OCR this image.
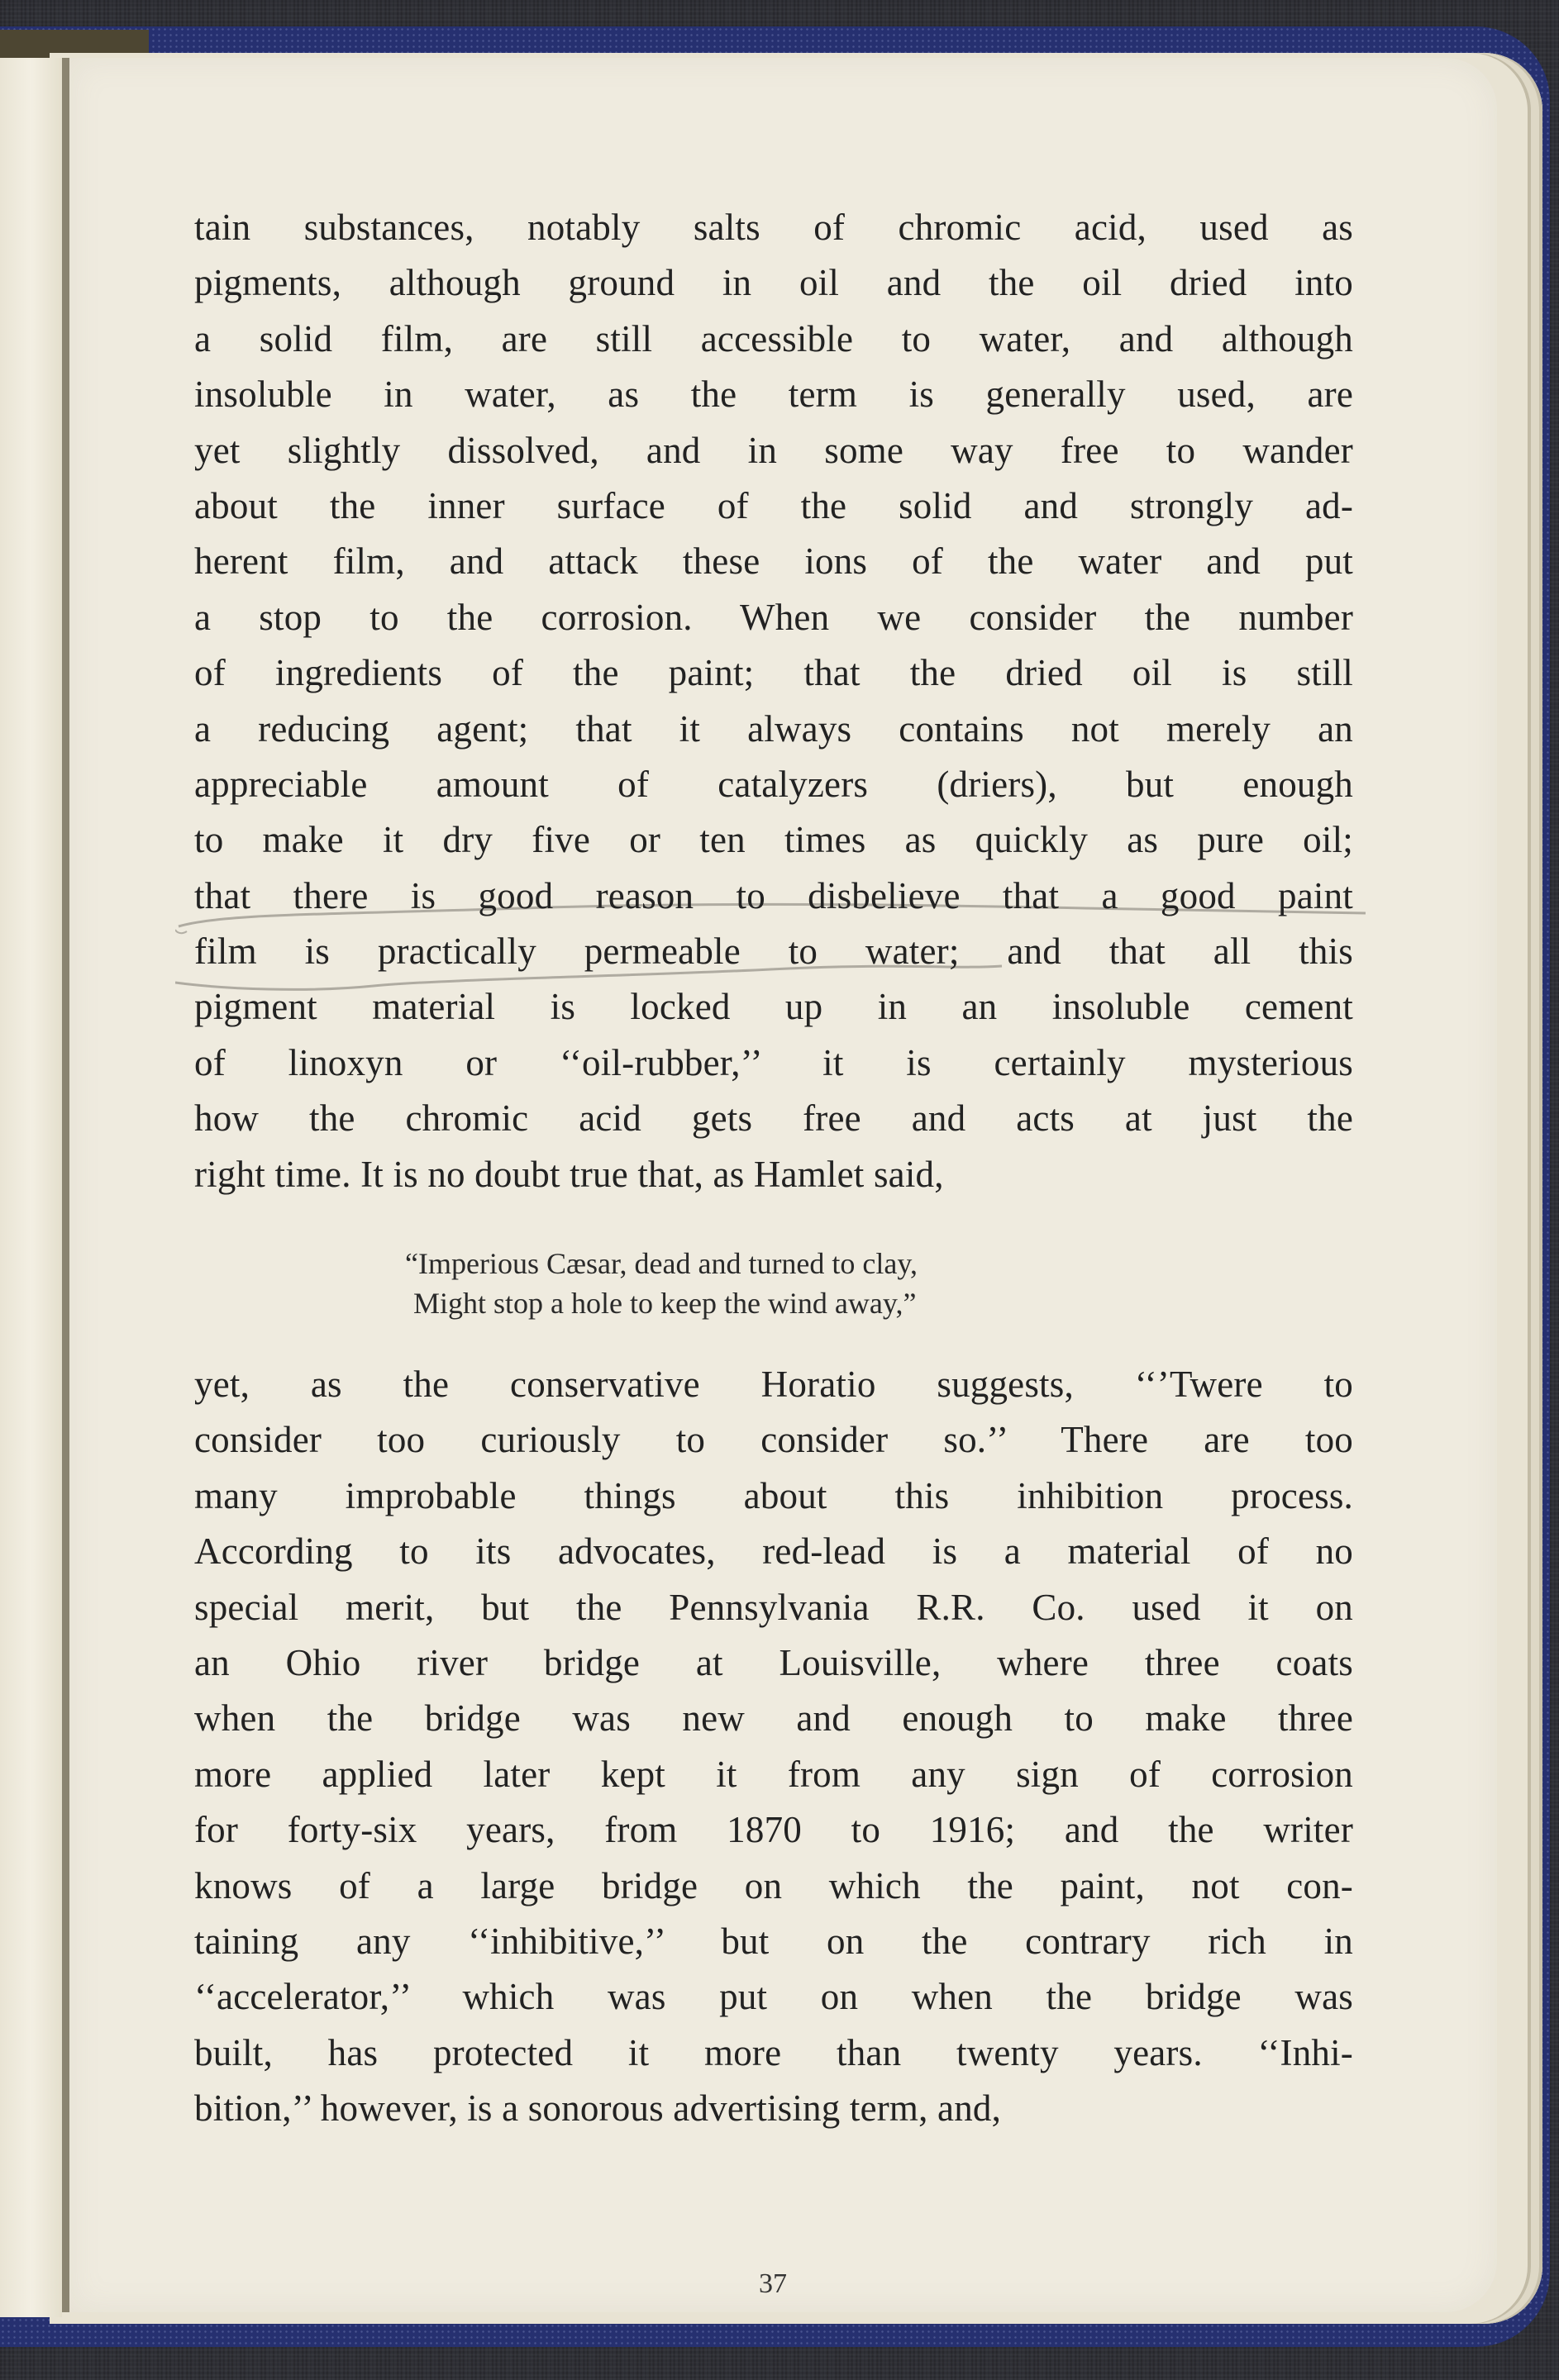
tain substances, notably salts of chromic acid, used as
pigments, although ground in oil and the oil dried into
a solid film, are still accessible to water, and although
insoluble in water, as the term is generally used, are
yet slightly dissolved, and in some way free to wander
about the inner surface of the solid and strongly ad-
herent film, and attack these ions of the water and put
a stop to the corrosion. When we consider the number
of ingredients of the paint; that the dried oil is still
a reducing agent; that it always contains not merely an
appreciable amount of catalyzers (driers), but enough
to make it dry five or ten times as quickly as pure oil;
that there is good reason to disbelieve that a good paint
film is practically permeable to water; and that all this
pigment material is locked up in an insoluble cement
of linoxyn or ‘‘oil-rubber,’’ it is certainly mysterious
how the chromic acid gets free and acts at just the
right time. It is no doubt true that, as Hamlet said,
“Imperious Cæsar, dead and turned to clay,
Might stop a hole to keep the wind away,”
yet, as the conservative Horatio suggests, ‘‘’Twere to
consider too curiously to consider so.’’ There are too
many improbable things about this inhibition process.
According to its advocates, red-lead is a material of no
special merit, but the Pennsylvania R.R. Co. used it on
an Ohio river bridge at Louisville, where three coats
when the bridge was new and enough to make three
more applied later kept it from any sign of corrosion
for forty-six years, from 1870 to 1916; and the writer
knows of a large bridge on which the paint, not con-
taining any ‘‘inhibitive,’’ but on the contrary rich in
‘‘accelerator,’’ which was put on when the bridge was
built, has protected it more than twenty years. ‘‘Inhi-
bition,’’ however, is a sonorous advertising term, and,
37
